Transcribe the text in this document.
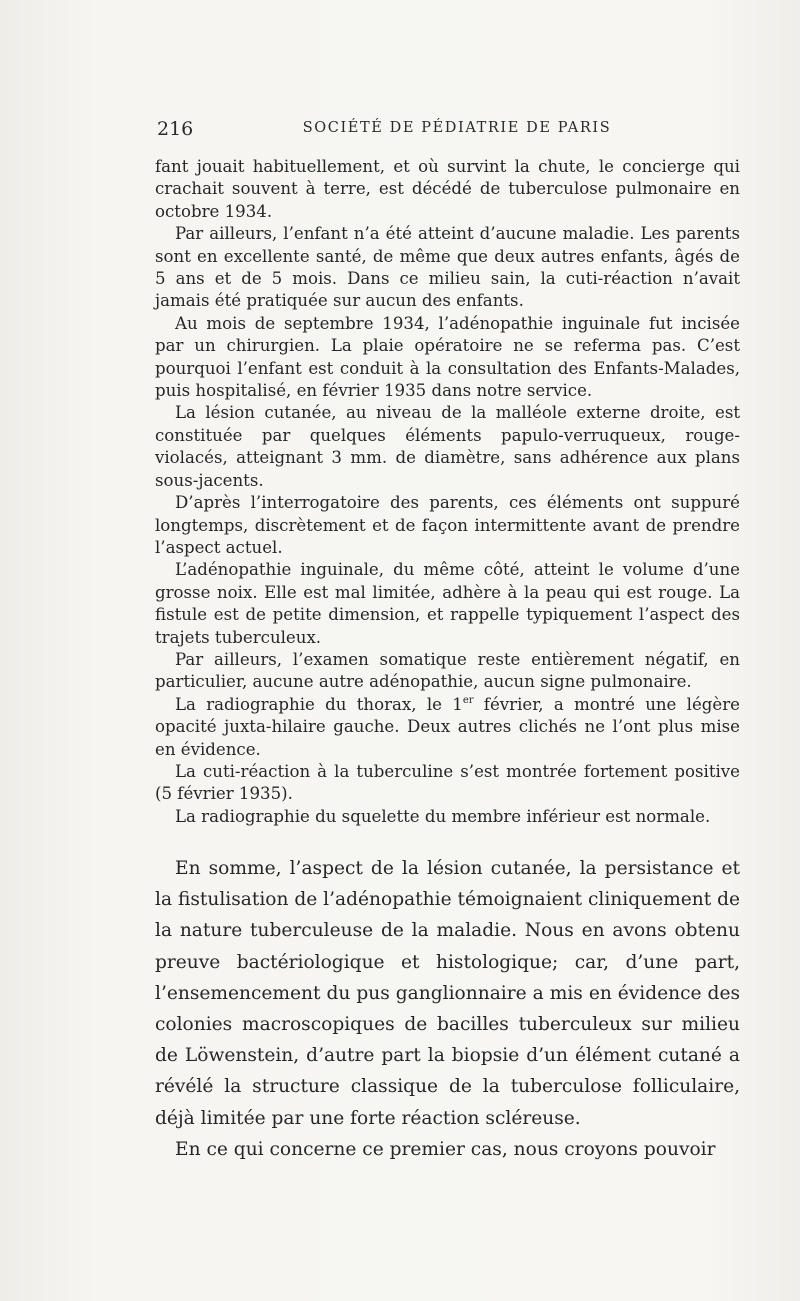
216	SOCIÉTÉ DE PÉDIATRIE DE PARIS

fant jouait habituellement, et où survint la chute, le concierge qui crachait souvent à terre, est décédé de tuberculose pulmonaire en octobre 1934.

Par ailleurs, l’enfant n’a été atteint d’aucune maladie. Les parents sont en excellente santé, de même que deux autres enfants, âgés de 5 ans et de 5 mois. Dans ce milieu sain, la cuti-réaction n’avait jamais été pratiquée sur aucun des enfants.

Au mois de septembre 1934, l’adénopathie inguinale fut incisée par un chirurgien. La plaie opératoire ne se referma pas. C’est pourquoi l’enfant est conduit à la consultation des Enfants-Malades, puis hospitalisé, en février 1935 dans notre service.

La lésion cutanée, au niveau de la malléole externe droite, est constituée par quelques éléments papulo-verruqueux, rouge-violacés, atteignant 3 mm. de diamètre, sans adhérence aux plans sous-jacents.

D’après l’interrogatoire des parents, ces éléments ont suppuré longtemps, discrètement et de façon intermittente avant de prendre l’aspect actuel.

L’adénopathie inguinale, du même côté, atteint le volume d’une grosse noix. Elle est mal limitée, adhère à la peau qui est rouge. La fistule est de petite dimension, et rappelle typiquement l’aspect des trajets tuberculeux.

Par ailleurs, l’examen somatique reste entièrement négatif, en particulier, aucune autre adénopathie, aucun signe pulmonaire.

La radiographie du thorax, le 1er février, a montré une légère opacité juxta-hilaire gauche. Deux autres clichés ne l’ont plus mise en évidence.

La cuti-réaction à la tuberculine s’est montrée fortement positive (5 février 1935).

La radiographie du squelette du membre inférieur est normale.

En somme, l’aspect de la lésion cutanée, la persistance et la fistulisation de l’adénopathie témoignaient cliniquement de la nature tuberculeuse de la maladie. Nous en avons obtenu preuve bactériologique et histologique; car, d’une part, l’ensemencement du pus ganglionnaire a mis en évidence des colonies macroscopiques de bacilles tuberculeux sur milieu de Löwenstein, d’autre part la biopsie d’un élément cutané a révélé la structure classique de la tuberculose folliculaire, déjà limitée par une forte réaction scléreuse.

En ce qui concerne ce premier cas, nous croyons pouvoir
